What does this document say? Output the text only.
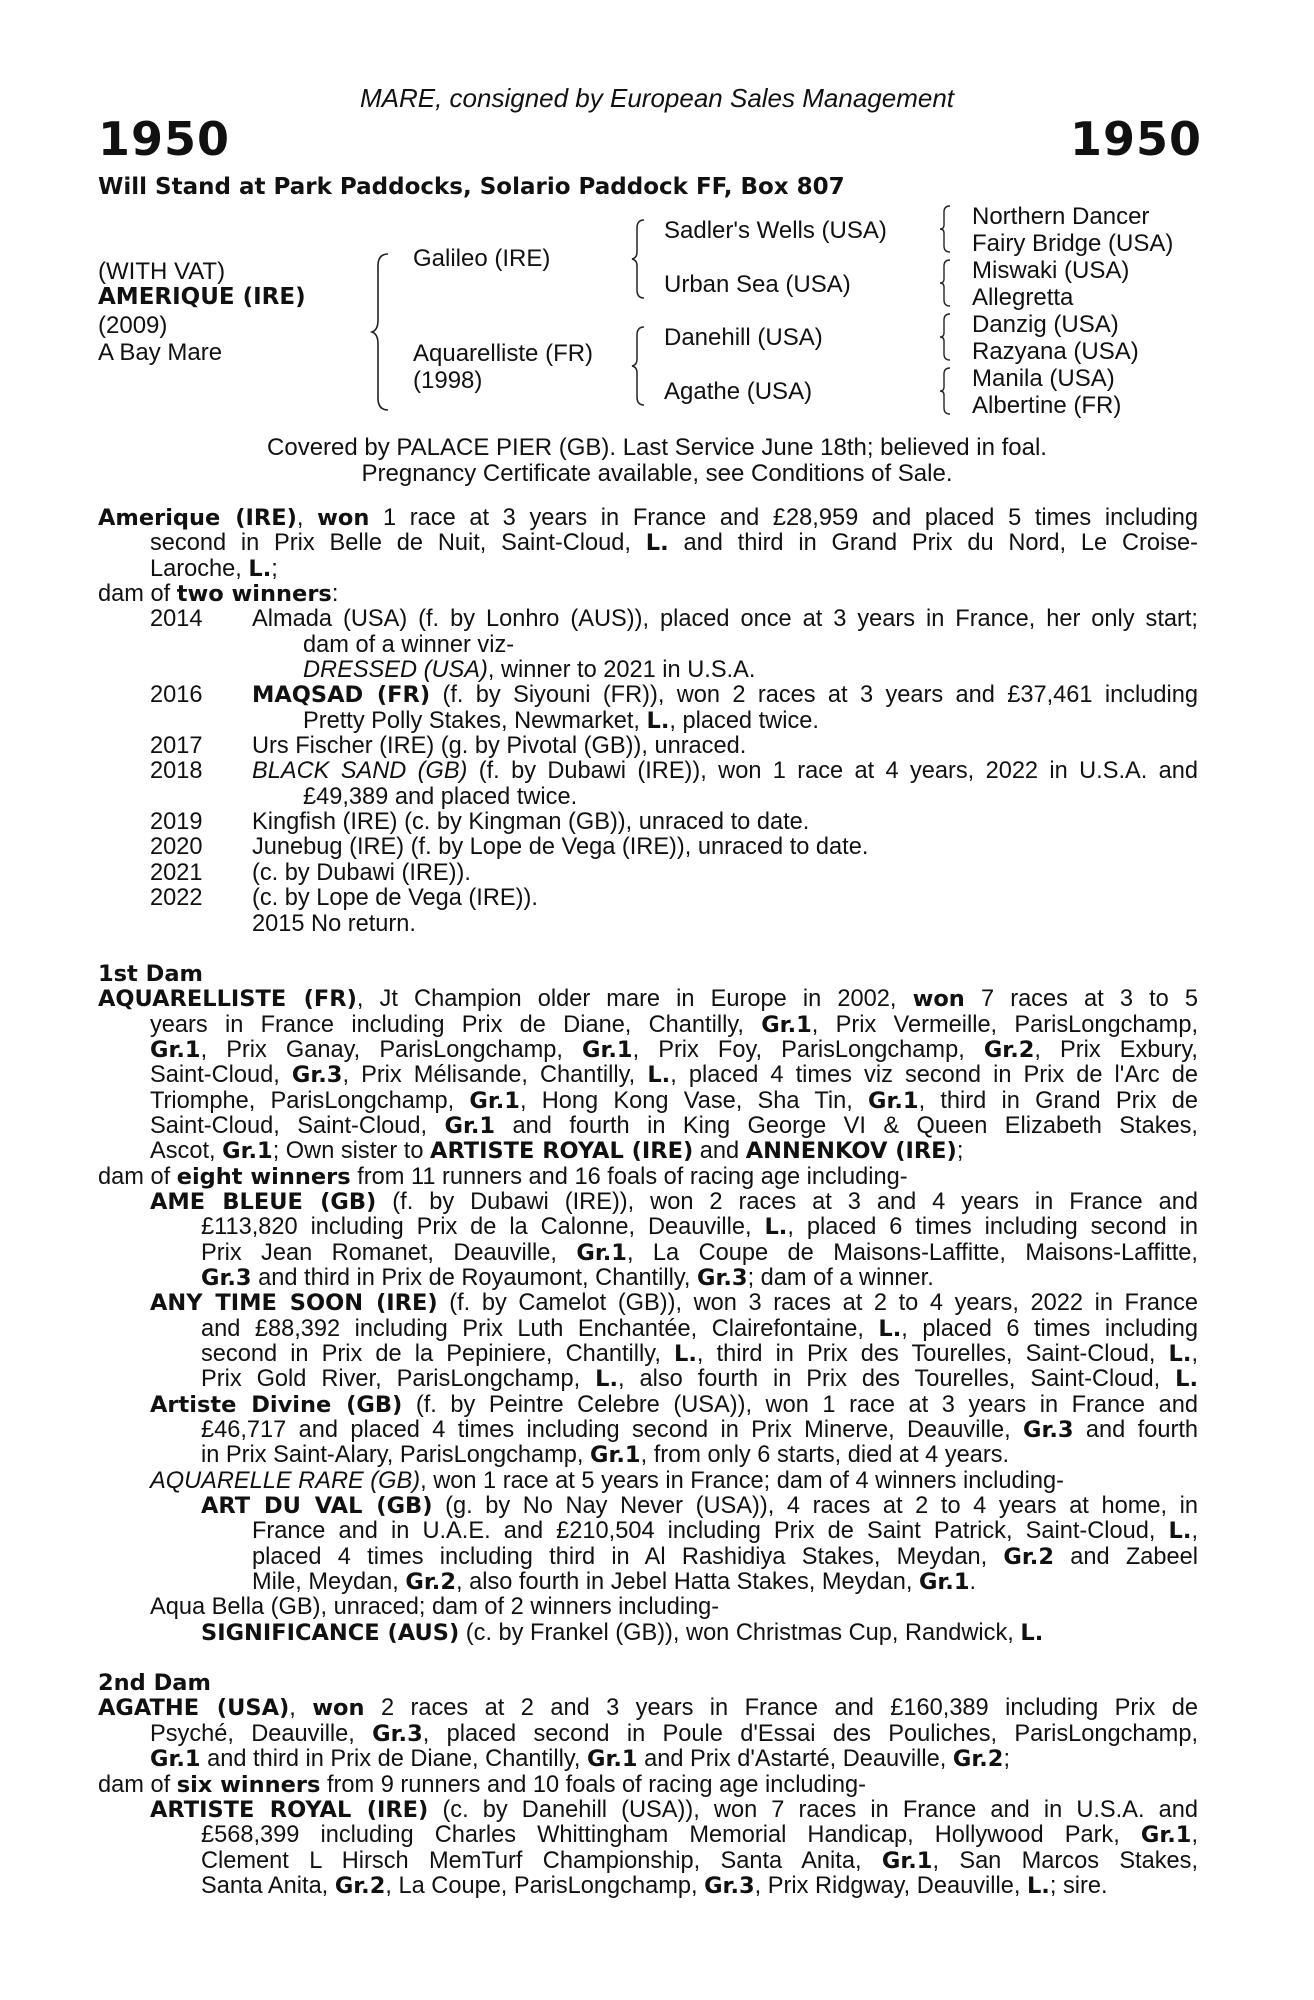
MARE, consigned by European Sales Management
1950	1950
Will Stand at Park Paddocks, Solario Paddock FF, Box 807
(WITH VAT)
AMERIQUE (IRE)
(2009)
A Bay Mare
Galileo (IRE)
Aquarelliste (FR)
(1998)
Sadler's Wells (USA)
Urban Sea (USA)
Danehill (USA)
Agathe (USA)
Northern Dancer
Fairy Bridge (USA)
Miswaki (USA)
Allegretta
Danzig (USA)
Razyana (USA)
Manila (USA)
Albertine (FR)
Covered by PALACE PIER (GB). Last Service June 18th; believed in foal.
Pregnancy Certificate available, see Conditions of Sale.

Amerique (IRE), won 1 race at 3 years in France and £28,959 and placed 5 times including

second in Prix Belle de Nuit, Saint-Cloud, L. and third in Grand Prix du Nord, Le Croise-

Laroche, L.;

dam of two winners:

2014	Almada (USA) (f. by Lonhro (AUS)), placed once at 3 years in France, her only start;

dam of a winner viz-

DRESSED (USA), winner to 2021 in U.S.A.

2016	MAQSAD (FR) (f. by Siyouni (FR)), won 2 races at 3 years and £37,461 including

Pretty Polly Stakes, Newmarket, L., placed twice.

2017	Urs Fischer (IRE) (g. by Pivotal (GB)), unraced.
2018	BLACK SAND (GB) (f. by Dubawi (IRE)), won 1 race at 4 years, 2022 in U.S.A. and

£49,389 and placed twice.

2019	Kingfish (IRE) (c. by Kingman (GB)), unraced to date.
2020	Junebug (IRE) (f. by Lope de Vega (IRE)), unraced to date.
2021	(c. by Dubawi (IRE)).
2022	(c. by Lope de Vega (IRE)).

2015 No return.

1st Dam

AQUARELLISTE (FR), Jt Champion older mare in Europe in 2002, won 7 races at 3 to 5

years in France including Prix de Diane, Chantilly, Gr.1, Prix Vermeille, ParisLongchamp,

Gr.1, Prix Ganay, ParisLongchamp, Gr.1, Prix Foy, ParisLongchamp, Gr.2, Prix Exbury,

Saint-Cloud, Gr.3, Prix Mélisande, Chantilly, L., placed 4 times viz second in Prix de l'Arc de

Triomphe, ParisLongchamp, Gr.1, Hong Kong Vase, Sha Tin, Gr.1, third in Grand Prix de

Saint-Cloud, Saint-Cloud, Gr.1 and fourth in King George VI & Queen Elizabeth Stakes,

Ascot, Gr.1; Own sister to ARTISTE ROYAL (IRE) and ANNENKOV (IRE);

dam of eight winners from 11 runners and 16 foals of racing age including-

AME BLEUE (GB) (f. by Dubawi (IRE)), won 2 races at 3 and 4 years in France and

£113,820 including Prix de la Calonne, Deauville, L., placed 6 times including second in

Prix Jean Romanet, Deauville, Gr.1, La Coupe de Maisons-Laffitte, Maisons-Laffitte,

Gr.3 and third in Prix de Royaumont, Chantilly, Gr.3; dam of a winner.

ANY TIME SOON (IRE) (f. by Camelot (GB)), won 3 races at 2 to 4 years, 2022 in France

and £88,392 including Prix Luth Enchantée, Clairefontaine, L., placed 6 times including

second in Prix de la Pepiniere, Chantilly, L., third in Prix des Tourelles, Saint-Cloud, L.,

Prix Gold River, ParisLongchamp, L., also fourth in Prix des Tourelles, Saint-Cloud, L.

Artiste Divine (GB) (f. by Peintre Celebre (USA)), won 1 race at 3 years in France and

£46,717 and placed 4 times including second in Prix Minerve, Deauville, Gr.3 and fourth

in Prix Saint-Alary, ParisLongchamp, Gr.1, from only 6 starts, died at 4 years.

AQUARELLE RARE (GB), won 1 race at 5 years in France; dam of 4 winners including-

ART DU VAL (GB) (g. by No Nay Never (USA)), 4 races at 2 to 4 years at home, in

France and in U.A.E. and £210,504 including Prix de Saint Patrick, Saint-Cloud, L.,

placed 4 times including third in Al Rashidiya Stakes, Meydan, Gr.2 and Zabeel

Mile, Meydan, Gr.2, also fourth in Jebel Hatta Stakes, Meydan, Gr.1.

Aqua Bella (GB), unraced; dam of 2 winners including-

SIGNIFICANCE (AUS) (c. by Frankel (GB)), won Christmas Cup, Randwick, L.

2nd Dam

AGATHE (USA), won 2 races at 2 and 3 years in France and £160,389 including Prix de

Psyché, Deauville, Gr.3, placed second in Poule d'Essai des Pouliches, ParisLongchamp,

Gr.1 and third in Prix de Diane, Chantilly, Gr.1 and Prix d'Astarté, Deauville, Gr.2;

dam of six winners from 9 runners and 10 foals of racing age including-

ARTISTE ROYAL (IRE) (c. by Danehill (USA)), won 7 races in France and in U.S.A. and

£568,399 including Charles Whittingham Memorial Handicap, Hollywood Park, Gr.1,

Clement L Hirsch MemTurf Championship, Santa Anita, Gr.1, San Marcos Stakes,

Santa Anita, Gr.2, La Coupe, ParisLongchamp, Gr.3, Prix Ridgway, Deauville, L.; sire.
